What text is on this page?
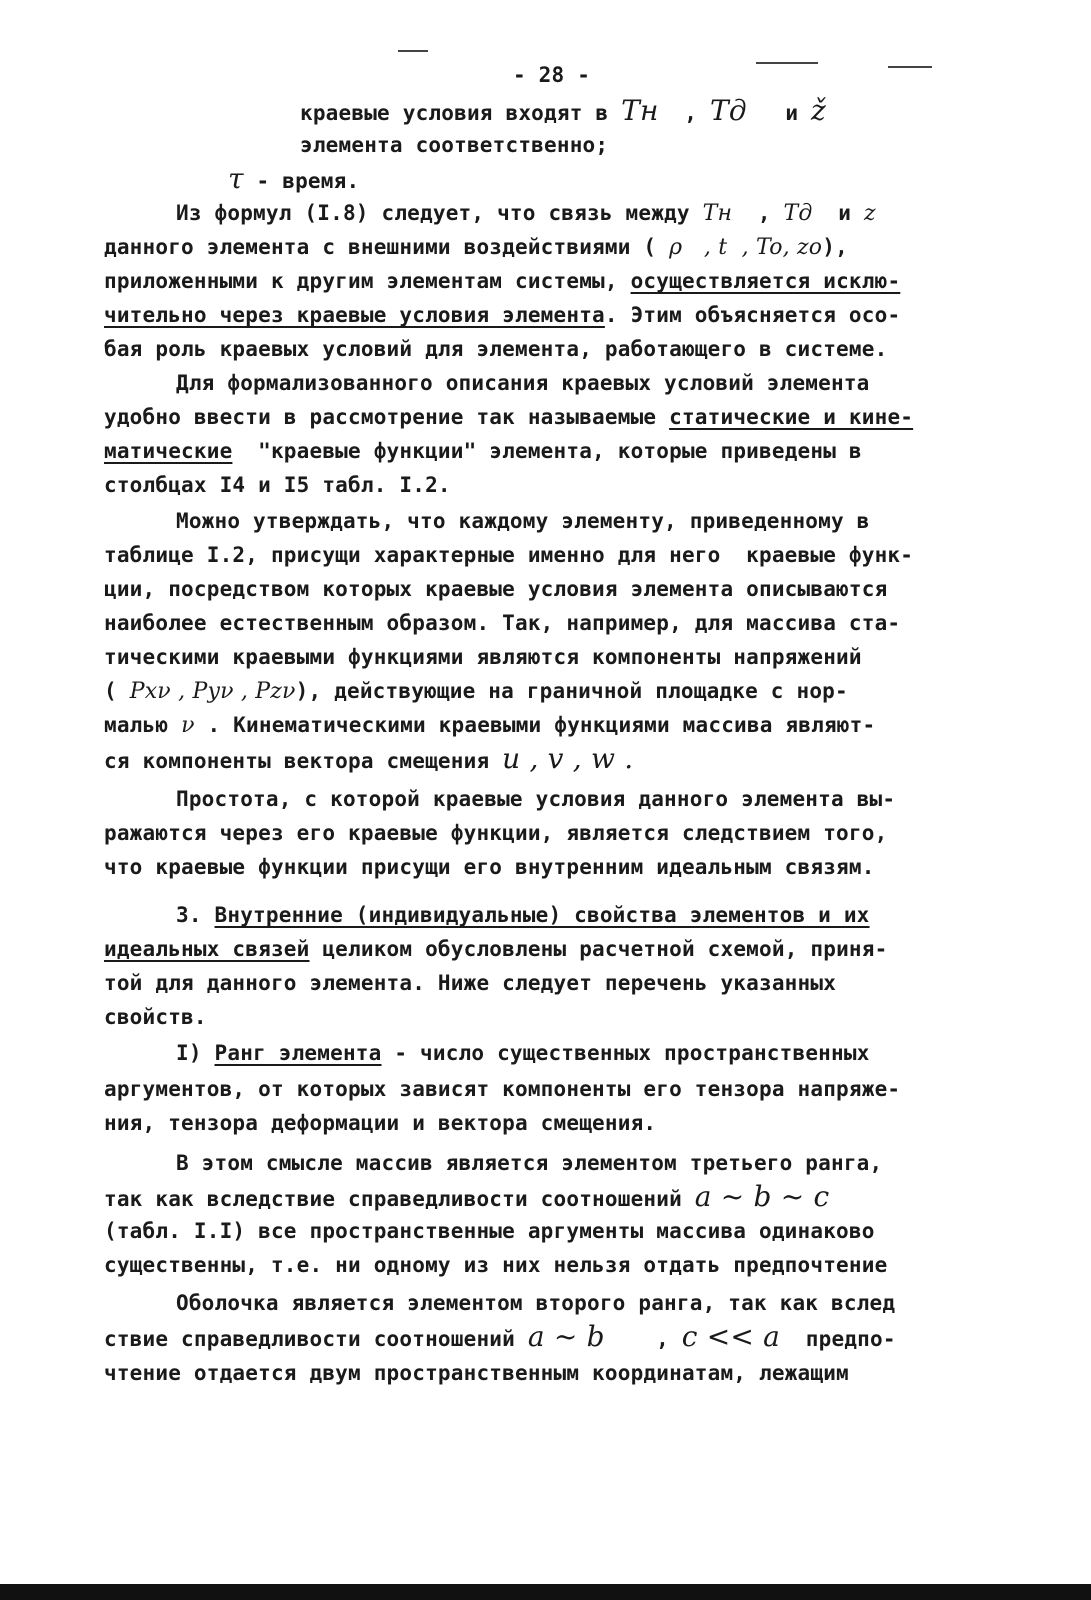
- 28 -
краевые условия входят в Tн  , Tд   и ž
элемента соответственно;
τ - время.
Из формул (I.8) следует, что связь между Tн  , Tд  и z
данного элемента с внешними воздействиями ( ρ   , t  , To, zo),
приложенными к другим элементам системы, осуществляется исклю-
чительно через краевые условия элемента. Этим объясняется осо-
бая роль краевых условий для элемента, работающего в системе.
Для формализованного описания краевых условий элемента
удобно ввести в рассмотрение так называемые статические и кине-
матические  "краевые функции" элемента, которые приведены в
столбцах I4 и I5 табл. I.2.
Можно утверждать, что каждому элементу, приведенному в
таблице I.2, присущи характерные именно для него  краевые функ-
ции, посредством которых краевые условия элемента описываются
наиболее естественным образом. Так, например, для массива ста-
тическими краевыми функциями являются компоненты напряжений
( Pxν , Pyν , Pzν), действующие на граничной площадке с нор-
малью ν . Кинематическими краевыми функциями массива являют-
ся компоненты вектора смещения u , v , w .
Простота, с которой краевые условия данного элемента вы-
ражаются через его краевые функции, является следствием того,
что краевые функции присущи его внутренним идеальным связям.
3. Внутренние (индивидуальные) свойства элементов и их
идеальных связей целиком обусловлены расчетной схемой, приня-
той для данного элемента. Ниже следует перечень указанных
свойств.
I) Ранг элемента - число существенных пространственных
аргументов, от которых зависят компоненты его тензора напряже-
ния, тензора деформации и вектора смещения.
В этом смысле массив является элементом третьего ранга,
так как вследствие справедливости соотношений a ~ b ~ c
(табл. I.I) все пространственные аргументы массива одинаково
существенны, т.е. ни одному из них нельзя отдать предпочтение
Оболочка является элементом второго ранга, так как вслед
ствие справедливости соотношений a ~ b    , c << a  предпо-
чтение отдается двум пространственным координатам, лежащим
